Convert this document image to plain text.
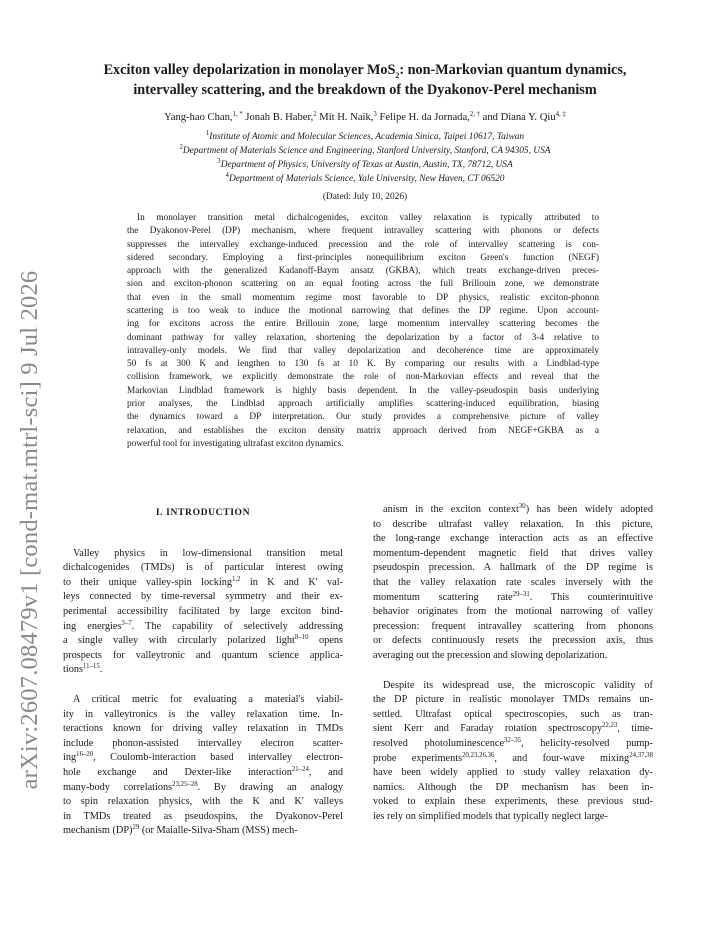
arXiv:2607.08479v1 [cond-mat.mtrl-sci] 9 Jul 2026
Exciton valley depolarization in monolayer MoS$_2$: non-Markovian quantum dynamics,
intervalley scattering, and the breakdown of the Dyakonov-Perel mechanism
Yang-hao Chan,$^{1, *}$ Jonah B. Haber,$^2$ Mit H. Naik,$^3$ Felipe H. da Jornada,$^{2, \dagger}$ and Diana Y. Qiu$^{4, \ddagger}$
$^1$Institute of Atomic and Molecular Sciences, Academia Sinica, Taipei 10617, Taiwan
$^2$Department of Materials Science and Engineering, Stanford University, Stanford, CA 94305, USA
$^3$Department of Physics, University of Texas at Austin, Austin, TX, 78712, USA
$^4$Department of Materials Science, Yale University, New Haven, CT 06520
(Dated: July 10, 2026)
In monolayer transition metal dichalcogenides, exciton valley relaxation is typically attributed to
the Dyakonov-Perel (DP) mechanism, where frequent intravalley scattering with phonons or defects
suppresses the intervalley exchange-induced precession and the role of intervalley scattering is con-
sidered secondary. Employing a first-principles nonequilibrium exciton Green's function (NEGF)
approach with the generalized Kadanoff-Baym ansatz (GKBA), which treats exchange-driven preces-
sion and exciton-phonon scattering on an equal footing across the full Brillouin zone, we demonstrate
that even in the small momentum regime most favorable to DP physics, realistic exciton-phonon
scattering is too weak to induce the motional narrowing that defines the DP regime. Upon account-
ing for excitons across the entire Brillouin zone, large momentum intervalley scattering becomes the
dominant pathway for valley relaxation, shortening the depolarization by a factor of 3-4 relative to
intravalley-only models. We find that valley depolarization and decoherence time are approximately
50 fs at 300 K and lengthen to 130 fs at 10 K. By comparing our results with a Lindblad-type
collision framework, we explicitly demonstrate the role of non-Markovian effects and reveal that the
Markovian Lindblad framework is highly basis dependent. In the valley-pseudospin basis underlying
prior analyses, the Lindblad approach artificially amplifies scattering-induced equilibration, biasing
the dynamics toward a DP interpretation. Our study provides a comprehensive picture of valley
relaxation, and establishes the exciton density matrix approach derived from NEGF+GKBA as a
powerful tool for investigating ultrafast exciton dynamics.
I. INTRODUCTION
Valley physics in low-dimensional transition metal
dichalcogenides (TMDs) is of particular interest owing
to their unique valley-spin locking$^{1,2}$ in K and K' val-
leys connected by time-reversal symmetry and their ex-
perimental accessibility facilitated by large exciton bind-
ing energies$^{3-7}$. The capability of selectively addressing
a single valley with circularly polarized light$^{8-10}$ opens
prospects for valleytronic and quantum science applica-
tions$^{11-15}$.
A critical metric for evaluating a material's viabil-
ity in valleytronics is the valley relaxation time. In-
teractions known for driving valley relaxation in TMDs
include phonon-assisted intervalley electron scatter-
ing$^{16-20}$, Coulomb-interaction based intervalley electron-
hole exchange and Dexter-like interaction$^{21-24}$, and
many-body correlations$^{23,25-28}$. By drawing an analogy
to spin relaxation physics, with the K and K′ valleys
in TMDs treated as pseudospins, the Dyakonov-Perel
mechanism (DP)$^{29}$ (or Maialle-Silva-Sham (MSS) mech-
anism in the exciton context$^{30}$) has been widely adopted
to describe ultrafast valley relaxation. In this picture,
the long-range exchange interaction acts as an effective
momentum-dependent magnetic field that drives valley
pseudospin precession. A hallmark of the DP regime is
that the valley relaxation rate scales inversely with the
momentum scattering rate$^{29-31}$. This counterintuitive
behavior originates from the motional narrowing of valley
precession: frequent intravalley scattering from phonons
or defects continuously resets the precession axis, thus
averaging out the precession and slowing depolarization.
Despite its widespread use, the microscopic validity of
the DP picture in realistic monolayer TMDs remains un-
settled. Ultrafast optical spectroscopies, such as tran-
sient Kerr and Faraday rotation spectroscopy$^{22,23}$, time-
resolved photoluminescence$^{32-35}$, helicity-resolved pump-
probe experiments$^{20,23,26,36}$, and four-wave mixing$^{24,37,38}$
have been widely applied to study valley relaxation dy-
namics. Although the DP mechanism has been in-
voked to explain these experiments, these previous stud-
ies rely on simplified models that typically neglect large-
